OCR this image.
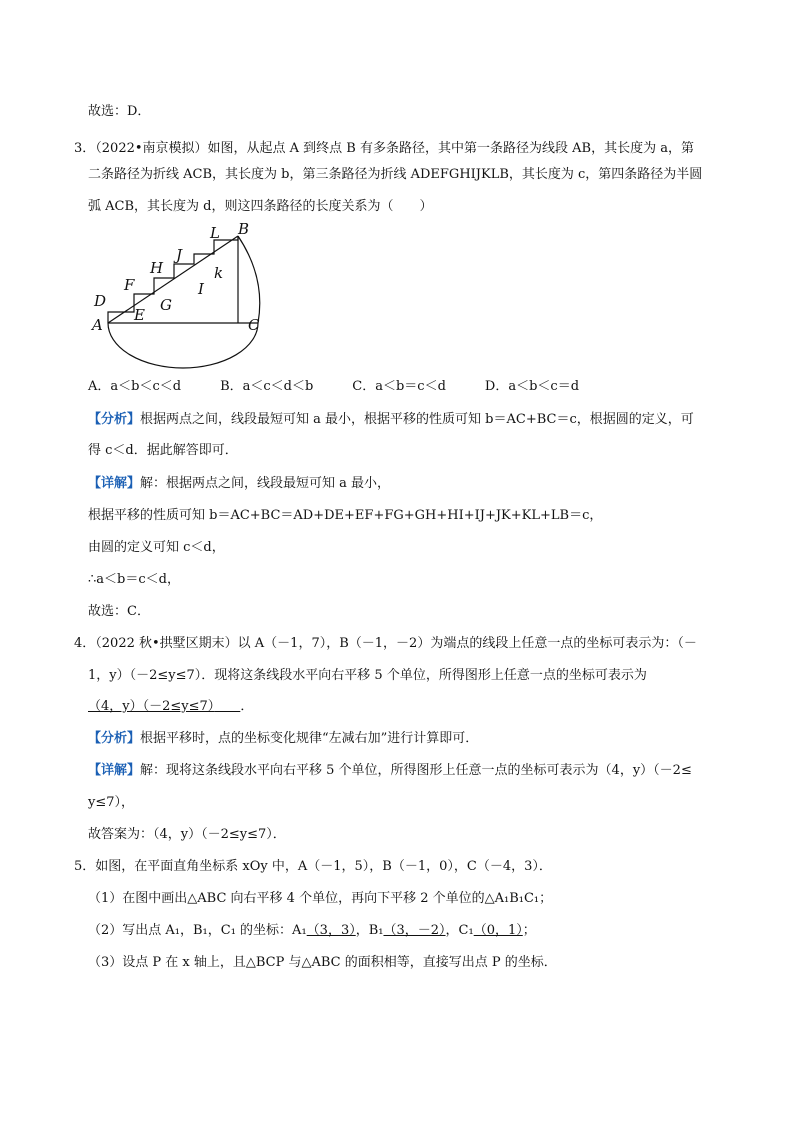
故选：D．
3．（2022•南京模拟）如图，从起点 A 到终点 B 有多条路径，其中第一条路径为线段 AB，其长度为 a，第
二条路径为折线 ACB，其长度为 b，第三条路径为折线 ADEFGHIJKLB，其长度为 c，第四条路径为半圆
弧 ACB，其长度为 d，则这四条路径的长度关系为（　　）
A
D
E
F
G
H
I
J
k
L B
C
A．a＜b＜c＜d　　　B．a＜c＜d＜b　　　C．a＜b＝c＜d　　　D．a＜b＜c＝d
【分析】根据两点之间，线段最短可知 a 最小，根据平移的性质可知 b＝AC+BC＝c，根据圆的定义，可
得 c＜d．据此解答即可．
【详解】解：根据两点之间，线段最短可知 a 最小，
根据平移的性质可知 b＝AC+BC＝AD+DE+EF+FG+GH+HI+IJ+JK+KL+LB＝c，
由圆的定义可知 c＜d，
∴a＜b＝c＜d，
故选：C．
4．（2022 秋•拱墅区期末）以 A（－1，7），B（－1，－2）为端点的线段上任意一点的坐标可表示为：（－
1，y）（－2≤y≤7）．现将这条线段水平向右平移 5 个单位，所得图形上任意一点的坐标可表示为
（4，y）（－2≤y≤7）　　 ．
【分析】根据平移时，点的坐标变化规律“左减右加”进行计算即可．
【详解】解：现将这条线段水平向右平移 5 个单位，所得图形上任意一点的坐标可表示为（4，y）（－2≤
y≤7），
故答案为：（4，y）（－2≤y≤7）．
5．如图，在平面直角坐标系 xOy 中，A（－1，5），B（－1，0），C（－4，3）．
（1）在图中画出△ABC 向右平移 4 个单位，再向下平移 2 个单位的△A₁B₁C₁；
（2）写出点 A₁，B₁，C₁ 的坐标：A₁（3，3），B₁（3，－2），C₁（0，1）；
（3）设点 P 在 x 轴上，且△BCP 与△ABC 的面积相等，直接写出点 P 的坐标．
